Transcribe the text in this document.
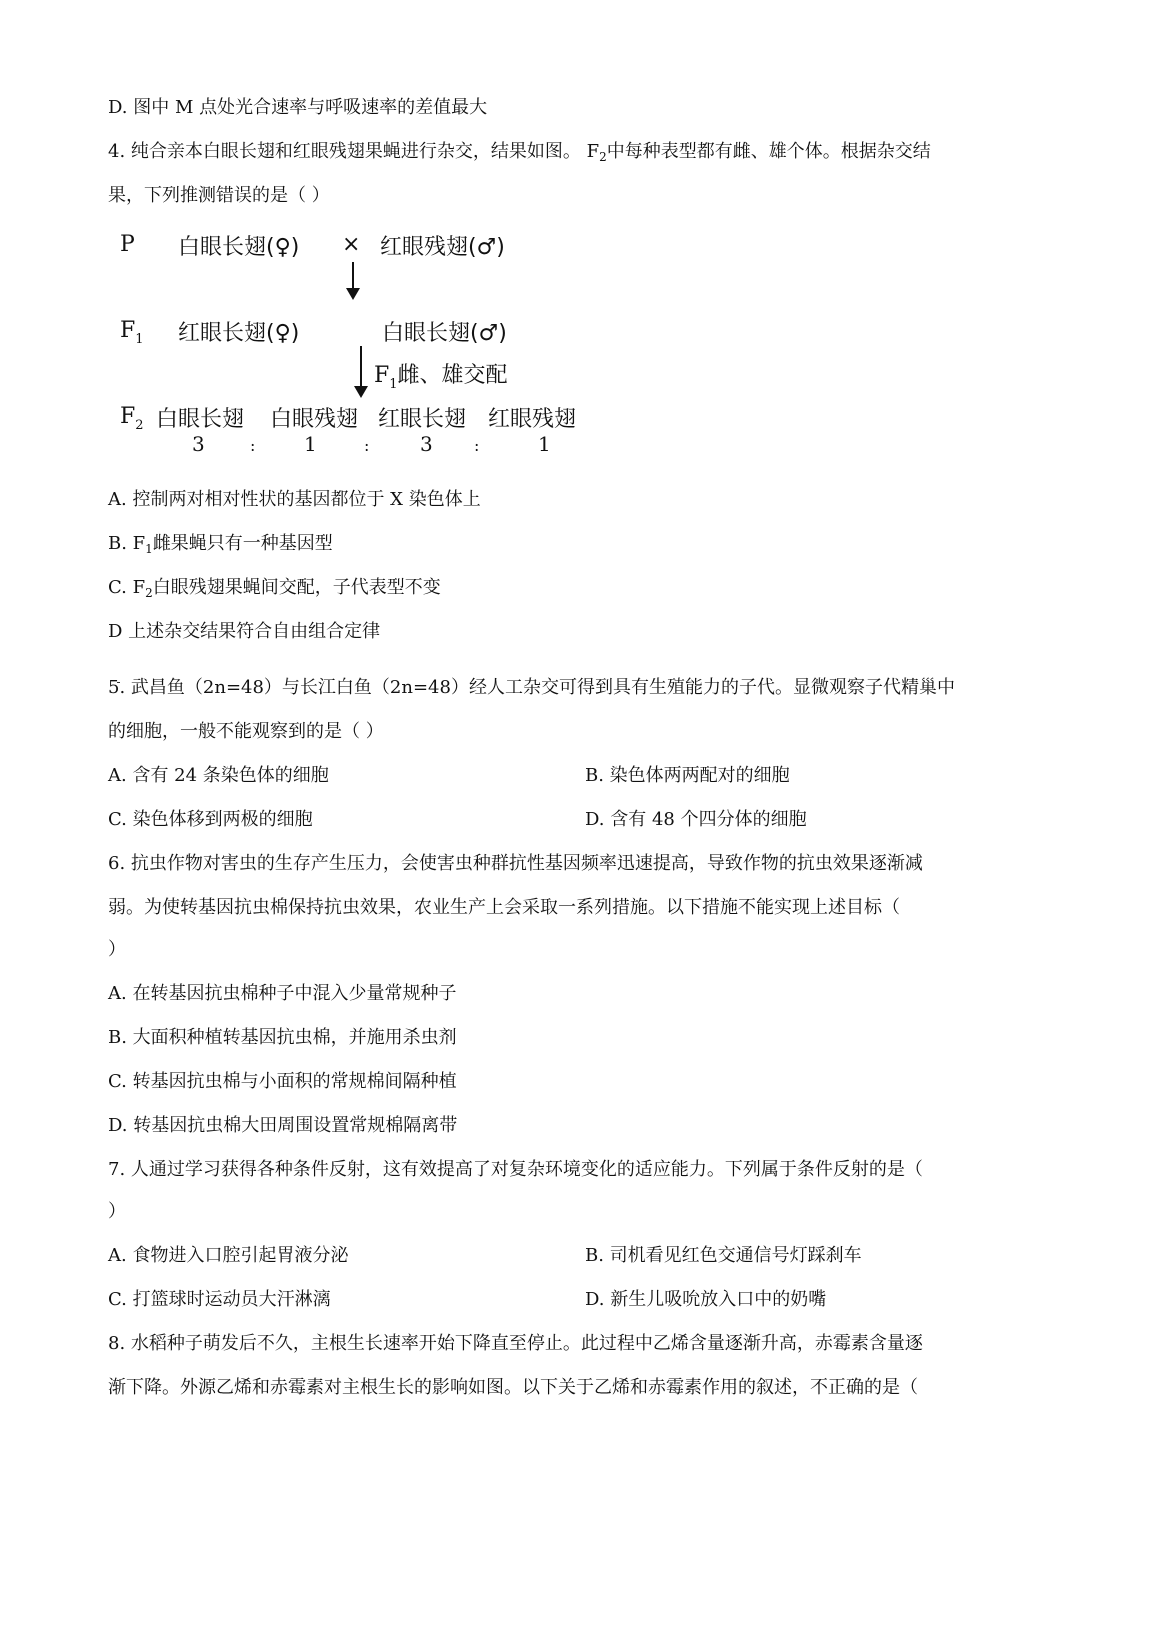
D. 图中 M 点处光合速率与呼吸速率的差值最大
4. 纯合亲本白眼长翅和红眼残翅果蝇进行杂交，结果如图。 $F_2$中每种表型都有雌、雄个体。根据杂交结
果，下列推测错误的是（ ）
P 白眼长翅(♀) × 红眼残翅(♂)
$F_1$ 红眼长翅(♀)	白眼长翅(♂)
$F_1$雌、雄交配
$F_2$ 白眼长翅 白眼残翅 红眼长翅 红眼残翅
3	: 1	:	3	:	1
A. 控制两对相对性状的基因都位于 X 染色体上
B. $F_1$雌果蝇只有一种基因型
C. $F_2$白眼残翅果蝇间交配，子代表型不变
D 上述杂交结果符合自由组合定律
5. 武昌鱼（2n=48）与长江白鱼（2n=48）经人工杂交可得到具有生殖能力的子代。显微观察子代精巢中
的细胞，一般不能观察到的是（ ）
A. 含有 24 条染色体的细胞	B. 染色体两两配对的细胞
C. 染色体移到两极的细胞	D. 含有 48 个四分体的细胞
6. 抗虫作物对害虫的生存产生压力，会使害虫种群抗性基因频率迅速提高，导致作物的抗虫效果逐渐减
弱。为使转基因抗虫棉保持抗虫效果，农业生产上会采取一系列措施。以下措施不能实现上述目标（
）
A. 在转基因抗虫棉种子中混入少量常规种子
B. 大面积种植转基因抗虫棉，并施用杀虫剂
C. 转基因抗虫棉与小面积的常规棉间隔种植
D. 转基因抗虫棉大田周围设置常规棉隔离带
7. 人通过学习获得各种条件反射，这有效提高了对复杂环境变化的适应能力。下列属于条件反射的是（
）
A. 食物进入口腔引起胃液分泌	B. 司机看见红色交通信号灯踩刹车
C. 打篮球时运动员大汗淋漓	D. 新生儿吸吮放入口中的奶嘴
8. 水稻种子萌发后不久，主根生长速率开始下降直至停止。此过程中乙烯含量逐渐升高，赤霉素含量逐
渐下降。外源乙烯和赤霉素对主根生长的影响如图。以下关于乙烯和赤霉素作用的叙述，不正确的是（
